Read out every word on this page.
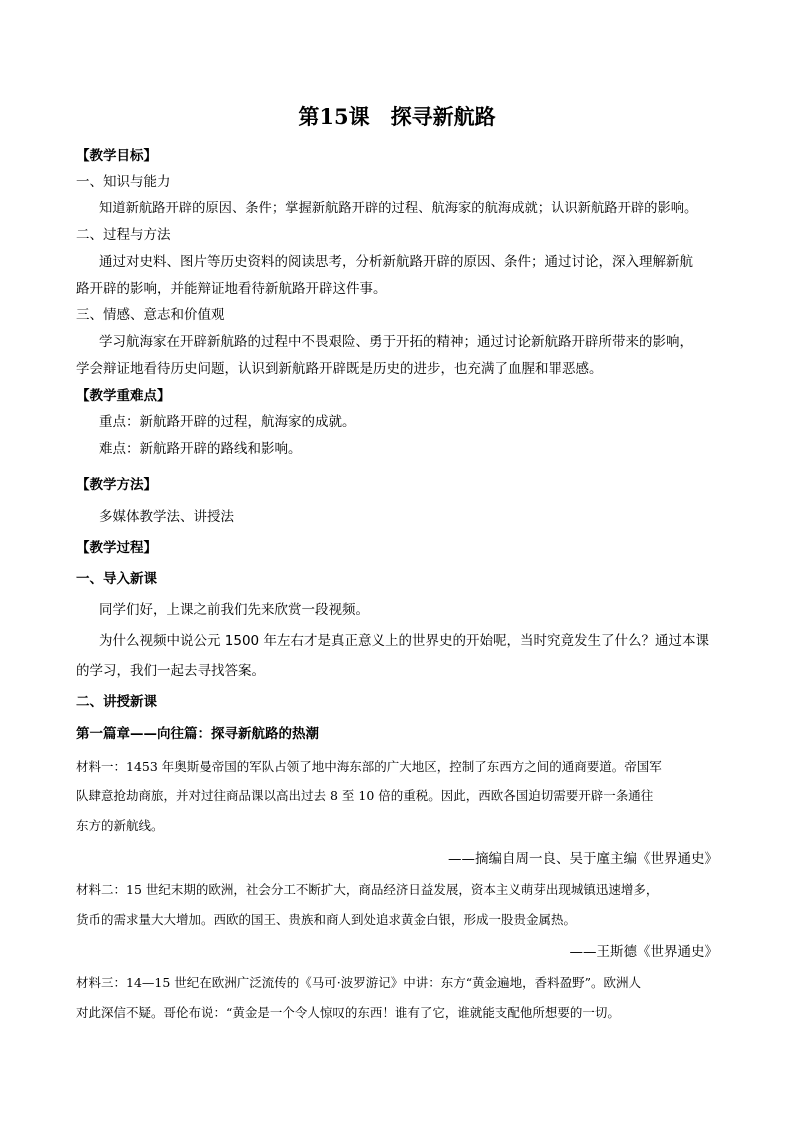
第15课　探寻新航路
【教学目标】
一、知识与能力
知道新航路开辟的原因、条件；掌握新航路开辟的过程、航海家的航海成就；认识新航路开辟的影响。
二、过程与方法
通过对史料、图片等历史资料的阅读思考，分析新航路开辟的原因、条件；通过讨论，深入理解新航
路开辟的影响，并能辩证地看待新航路开辟这件事。
三、情感、意志和价值观
学习航海家在开辟新航路的过程中不畏艰险、勇于开拓的精神；通过讨论新航路开辟所带来的影响，
学会辩证地看待历史问题，认识到新航路开辟既是历史的进步，也充满了血腥和罪恶感。
【教学重难点】
重点：新航路开辟的过程，航海家的成就。
难点：新航路开辟的路线和影响。
【教学方法】
多媒体教学法、讲授法
【教学过程】
一、导入新课
同学们好，上课之前我们先来欣赏一段视频。
为什么视频中说公元 1500 年左右才是真正意义上的世界史的开始呢，当时究竟发生了什么？通过本课
的学习，我们一起去寻找答案。
二、讲授新课
第一篇章——向往篇：探寻新航路的热潮
材料一：1453 年奥斯曼帝国的军队占领了地中海东部的广大地区，控制了东西方之间的通商要道。帝国军
队肆意抢劫商旅，并对过往商品课以高出过去 8 至 10 倍的重税。因此，西欧各国迫切需要开辟一条通往
东方的新航线。
——摘编自周一良、吴于廑主编《世界通史》
材料二：15 世纪末期的欧洲，社会分工不断扩大，商品经济日益发展，资本主义萌芽出现城镇迅速增多，
货币的需求量大大增加。西欧的国王、贵族和商人到处追求黄金白银，形成一股贵金属热。
——王斯德《世界通史》
材料三：14—15 世纪在欧洲广泛流传的《马可·波罗游记》中讲：东方“黄金遍地，香料盈野”。欧洲人
对此深信不疑。哥伦布说：“黄金是一个令人惊叹的东西！谁有了它，谁就能支配他所想要的一切。
